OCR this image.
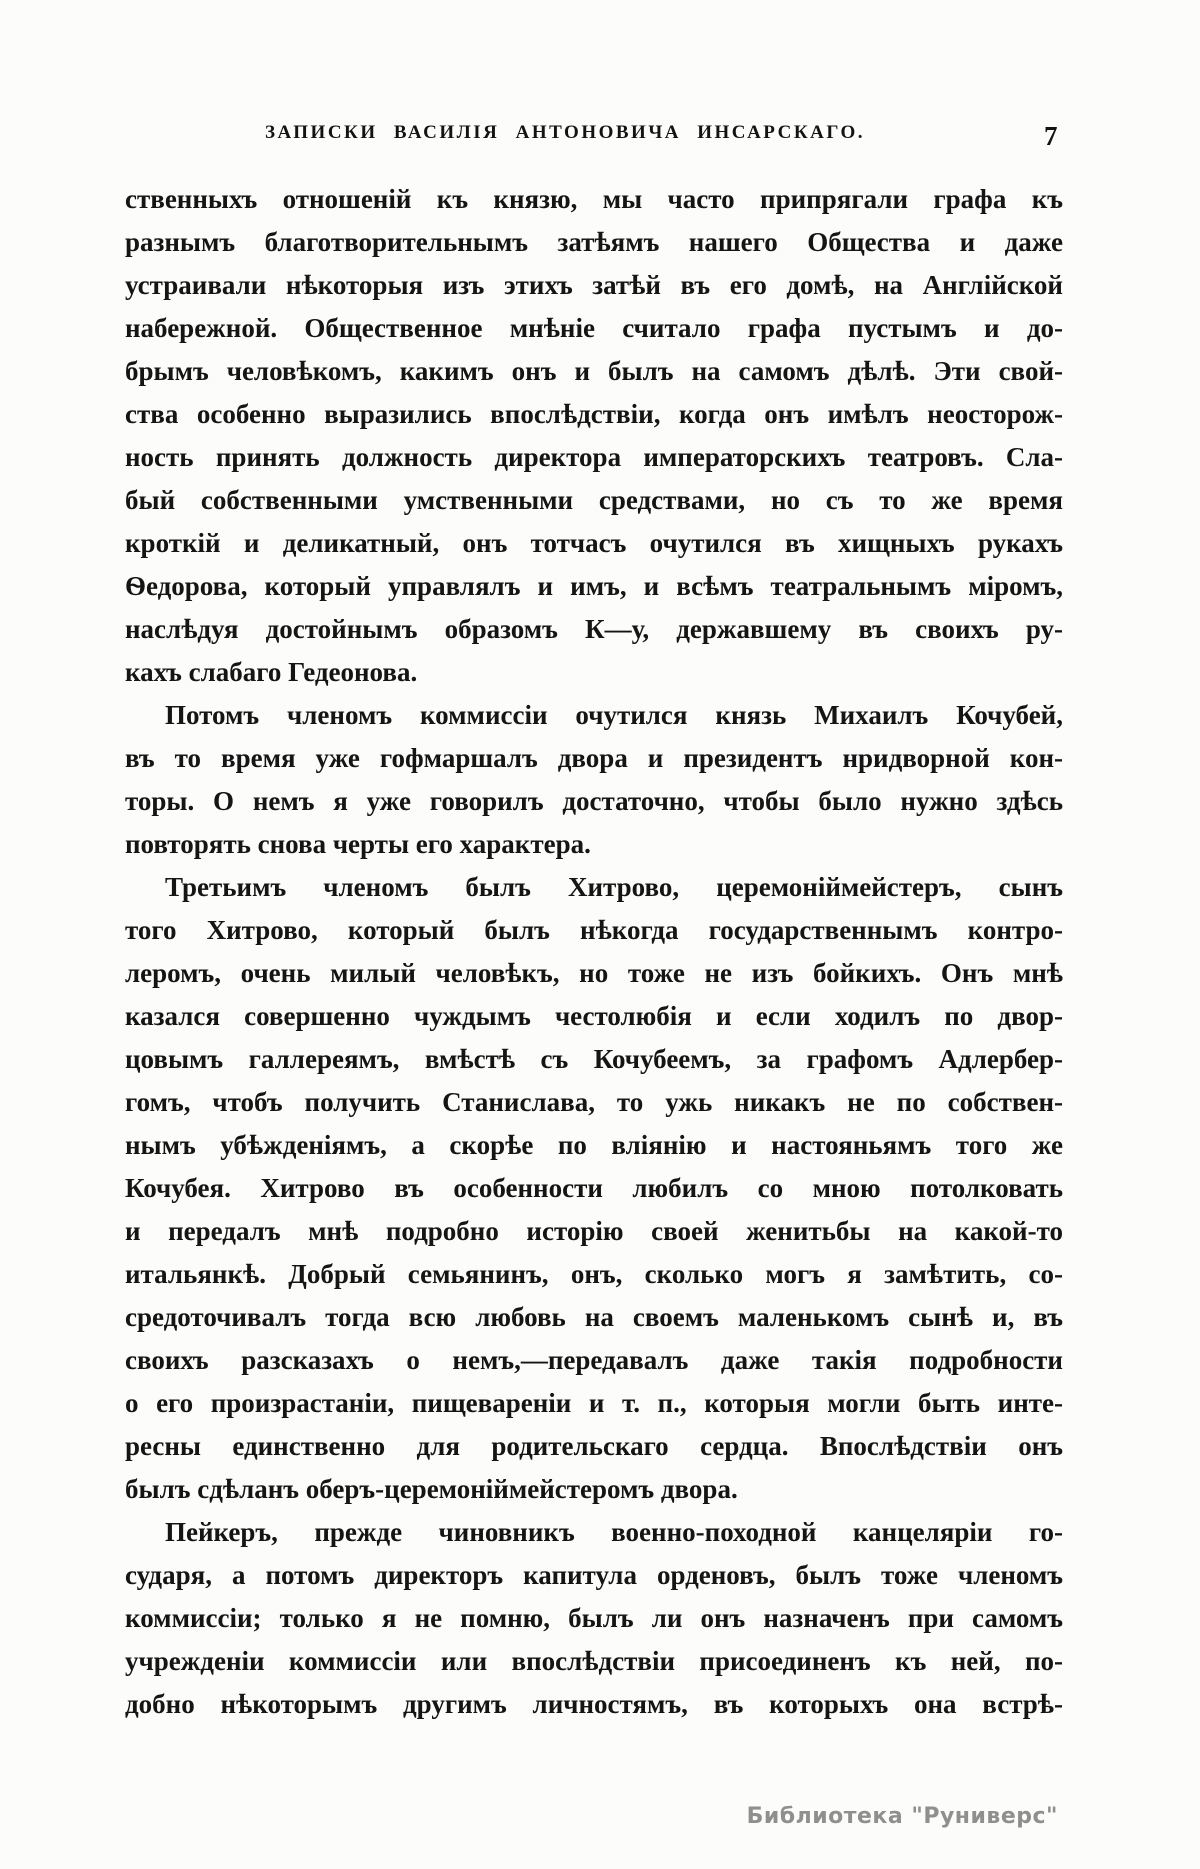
ЗАПИСКИ ВАСИЛІЯ АНТОНОВИЧА ИНСАРСКАГО.	7
ственныхъ отношеній къ князю, мы часто припрягали графа къ
разнымъ благотворительнымъ затѣямъ нашего Общества и даже
устраивали нѣкоторыя изъ этихъ затѣй въ его домѣ, на Англійской
набережной. Общественное мнѣніе считало графа пустымъ и до-
брымъ человѣкомъ, какимъ онъ и былъ на самомъ дѣлѣ. Эти свой-
ства особенно выразились впослѣдствіи, когда онъ имѣлъ неосторож-
ность принять должность директора императорскихъ театровъ. Сла-
бый собственными умственными средствами, но съ то же время
кроткій и деликатный, онъ тотчасъ очутился въ хищныхъ рукахъ
Ѳедорова, который управлялъ и имъ, и всѣмъ театральнымъ міромъ,
наслѣдуя достойнымъ образомъ К—у, державшему въ своихъ ру-
кахъ слабаго Гедеонова.
Потомъ членомъ коммиссіи очутился князь Михаилъ Кочубей,
въ то время уже гофмаршалъ двора и президентъ нридворной кон-
торы. О немъ я уже говорилъ достаточно, чтобы было нужно здѣсь
повторять снова черты его характера.
Третьимъ членомъ былъ Хитрово, церемоніймейстеръ, сынъ
того Хитрово, который былъ нѣкогда государственнымъ контро-
леромъ, очень милый человѣкъ, но тоже не изъ бойкихъ. Онъ мнѣ
казался совершенно чуждымъ честолюбія и если ходилъ по двор-
цовымъ галлереямъ, вмѣстѣ съ Кочубеемъ, за графомъ Адлербер-
гомъ, чтобъ получить Станислава, то ужь никакъ не по собствен-
нымъ убѣжденіямъ, а скорѣе по вліянію и настояньямъ того же
Кочубея. Хитрово въ особенности любилъ со мною потолковать
и передалъ мнѣ подробно исторію своей женитьбы на какой-то
итальянкѣ. Добрый семьянинъ, онъ, сколько могъ я замѣтить, со-
средоточивалъ тогда всю любовь на своемъ маленькомъ сынѣ и, въ
своихъ разсказахъ о немъ,—передавалъ даже такія подробности
о его произрастаніи, пищевареніи и т. п., которыя могли быть инте-
ресны единственно для родительскаго сердца. Впослѣдствіи онъ
былъ сдѣланъ оберъ-церемоніймейстеромъ двора.
Пейкеръ, прежде чиновникъ военно-походной канцеляріи го-
сударя, а потомъ директоръ капитула орденовъ, былъ тоже членомъ
коммиссіи; только я не помню, былъ ли онъ назначенъ при самомъ
учрежденіи коммиссіи или впослѣдствіи присоединенъ къ ней, по-
добно нѣкоторымъ другимъ личностямъ, въ которыхъ она встрѣ-
Библиотека "Руниверс"
